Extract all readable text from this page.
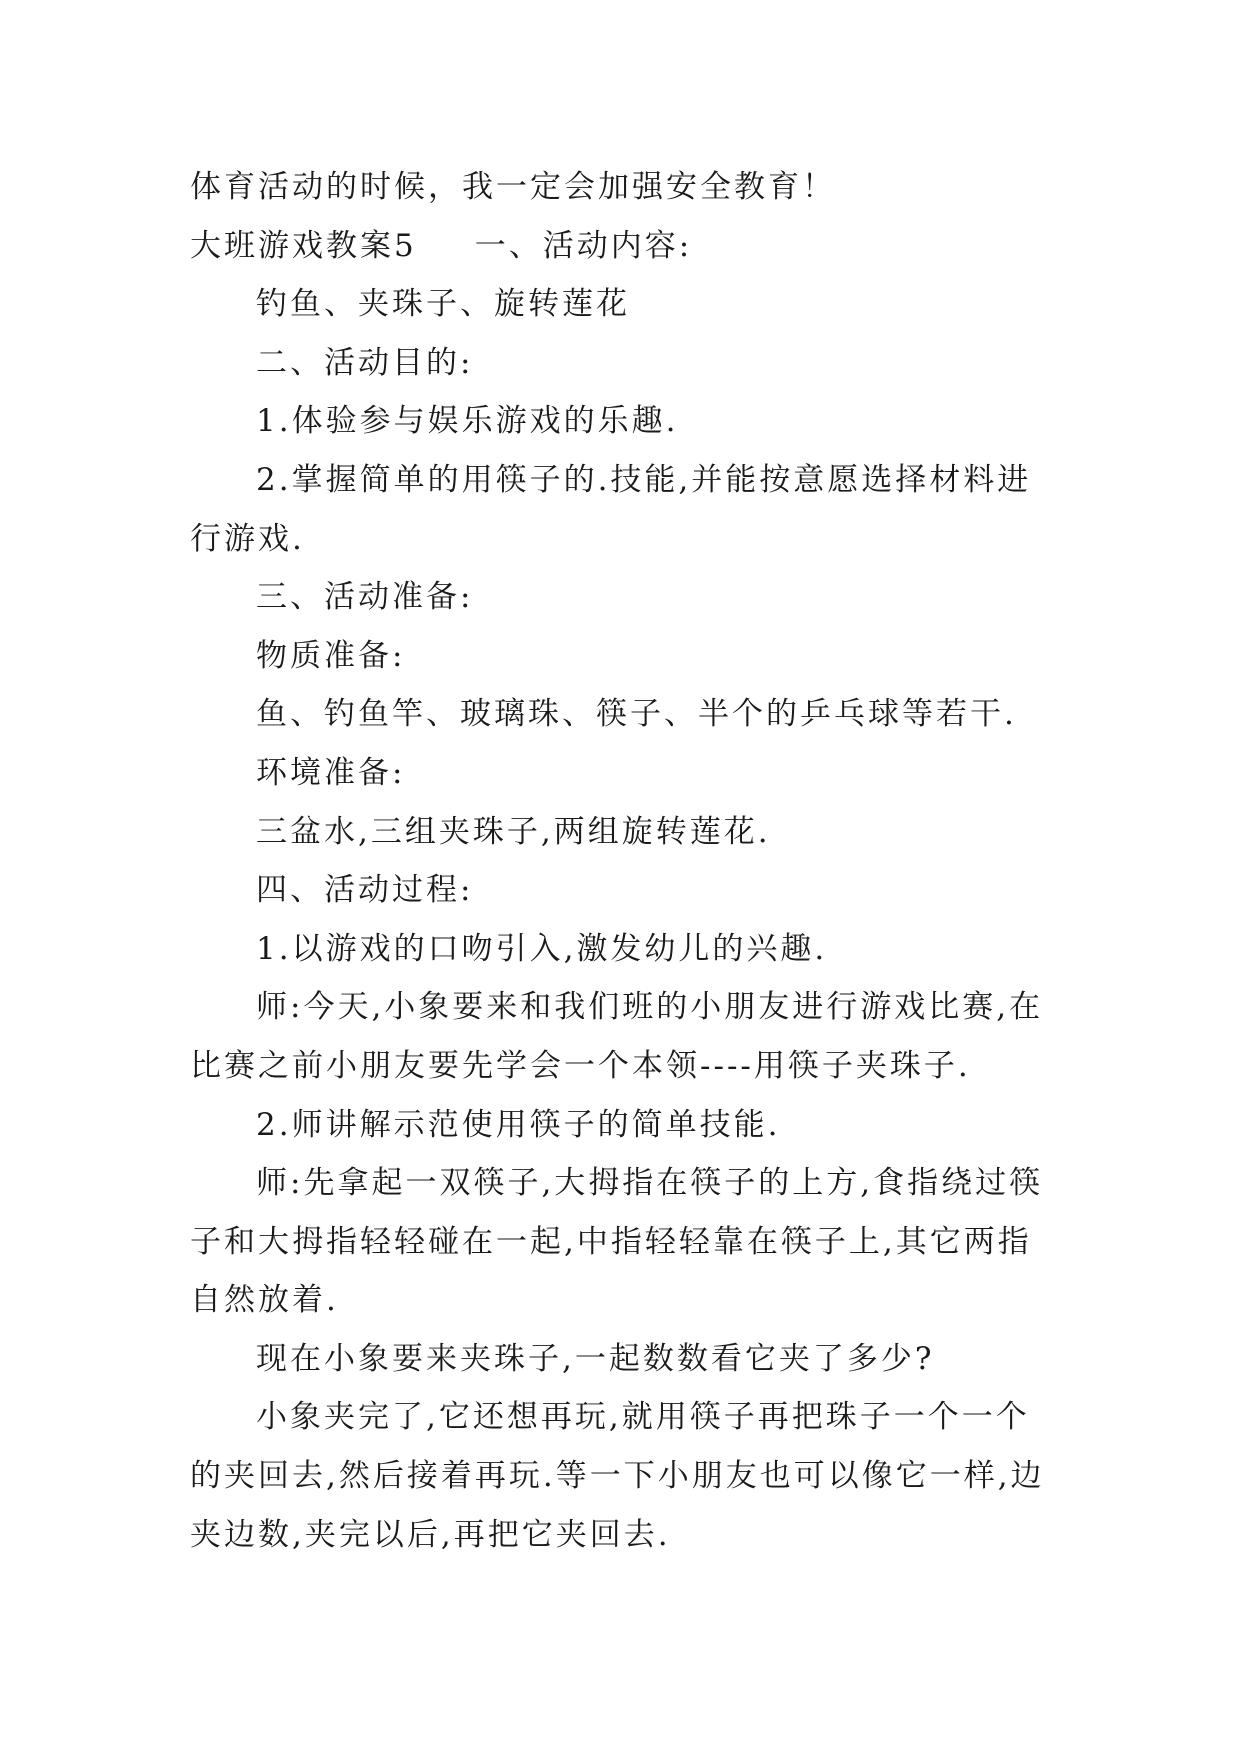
体育活动的时候，我一定会加强安全教育！
大班游戏教案5 一、活动内容:
钓鱼、夹珠子、旋转莲花
二、活动目的:
1.体验参与娱乐游戏的乐趣.
2.掌握简单的用筷子的.技能,并能按意愿选择材料进
行游戏.
三、活动准备:
物质准备:
鱼、钓鱼竿、玻璃珠、筷子、半个的乒乓球等若干.
环境准备:
三盆水,三组夹珠子,两组旋转莲花.
四、活动过程:
1.以游戏的口吻引入,激发幼儿的兴趣.
师:今天,小象要来和我们班的小朋友进行游戏比赛,在
比赛之前小朋友要先学会一个本领----用筷子夹珠子.
2.师讲解示范使用筷子的简单技能.
师:先拿起一双筷子,大拇指在筷子的上方,食指绕过筷
子和大拇指轻轻碰在一起,中指轻轻靠在筷子上,其它两指
自然放着.
现在小象要来夹珠子,一起数数看它夹了多少?
小象夹完了,它还想再玩,就用筷子再把珠子一个一个
的夹回去,然后接着再玩.等一下小朋友也可以像它一样,边
夹边数,夹完以后,再把它夹回去.
